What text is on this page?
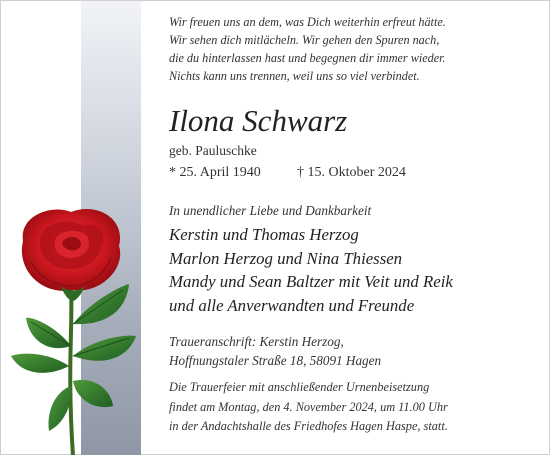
Wir freuen uns an dem, was Dich weiterhin erfreut hätte.
Wir sehen dich mitlächeln. Wir gehen den Spuren nach,
die du hinterlassen hast und begegnen dir immer wieder.
Nichts kann uns trennen, weil uns so viel verbindet.
Ilona Schwarz
geb. Pauluschke
* 25. April 1940	† 15. Oktober 2024
In unendlicher Liebe und Dankbarkeit
Kerstin und Thomas Herzog
Marlon Herzog und Nina Thiessen
Mandy und Sean Baltzer mit Veit und Reik
und alle Anverwandten und Freunde
Traueranschrift: Kerstin Herzog,
Hoffnungstaler Straße 18, 58091 Hagen
Die Trauerfeier mit anschließender Urnenbeisetzung
findet am Montag, den 4. November 2024, um 11.00 Uhr
in der Andachtshalle des Friedhofes Hagen Haspe, statt.
